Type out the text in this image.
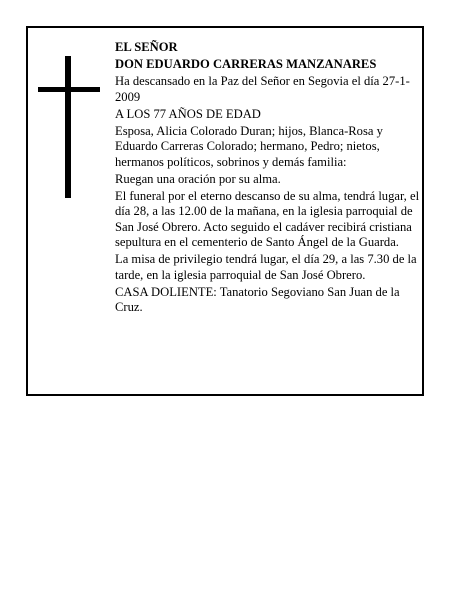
EL SEÑOR

DON EDUARDO CARRERAS MANZANARES

Ha descansado en la Paz del Señor en Segovia el día 27-1-2009

A LOS 77 AÑOS DE EDAD

Esposa, Alicia Colorado Duran; hijos, Blanca-Rosa y Eduardo Carreras Colorado; hermano, Pedro; nietos, hermanos políticos, sobrinos y demás familia:

Ruegan una oración por su alma.

El funeral por el eterno descanso de su alma, tendrá lugar, el día 28, a las 12.00 de la mañana, en la iglesia parroquial de San José Obrero. Acto seguido el cadáver recibirá cristiana sepultura en el cementerio de Santo Ángel de la Guarda.

La misa de privilegio tendrá lugar, el día 29, a las 7.30 de la tarde, en la iglesia parroquial de San José Obrero.

CASA DOLIENTE: Tanatorio Segoviano San Juan de la Cruz.
